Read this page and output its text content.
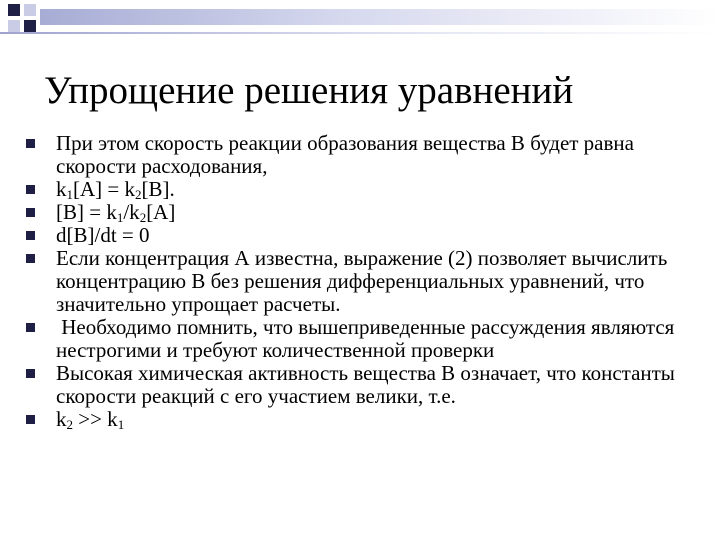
Упрощение решения уравнений
При этом скорость реакции образования вещества В будет равна скорости расходования,
$k_1[A] = k_2[B]$.
$[B] = k_1/k_2[A]$
d[B]/dt = 0
Если концентрация А известна, выражение (2) позволяет вычислить концентрацию В без решения дифференциальных уравнений, что значительно упрощает расчеты.
Необходимо помнить, что вышеприведенные рассуждения являются нестрогими и требуют количественной проверки
Высокая химическая активность вещества В означает, что константы скорости реакций с его участием велики, т.е.
$k_2 >> k_1$
